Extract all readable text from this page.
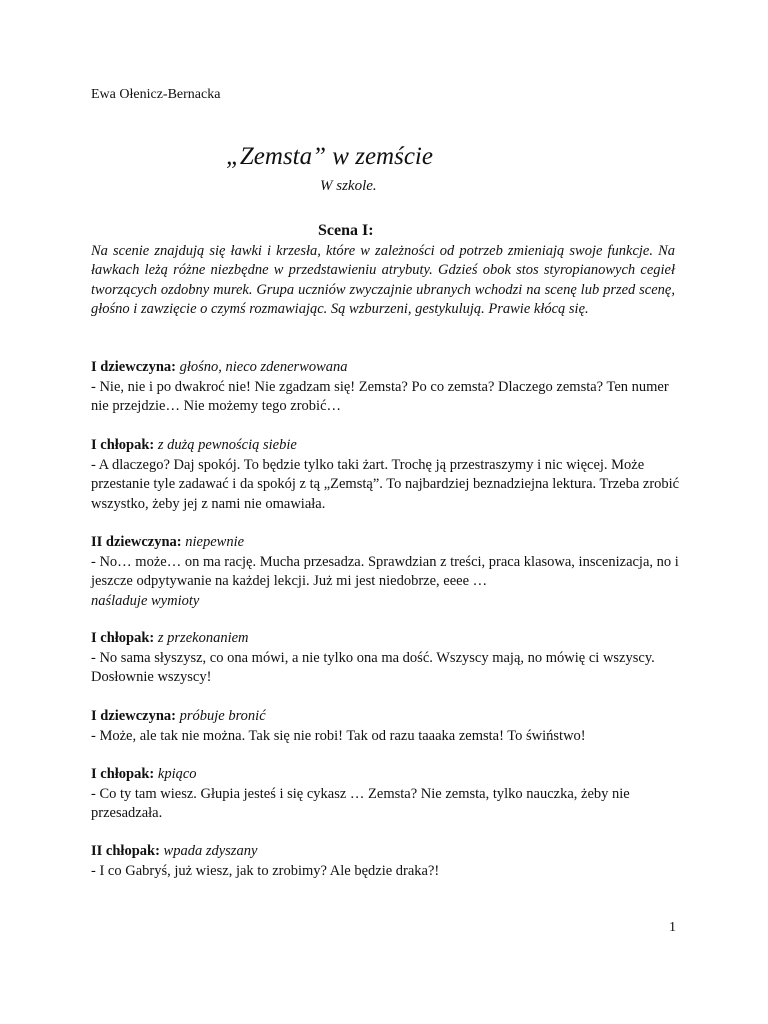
Ewa Ołenicz-Bernacka
„Zemsta” w zemście
W szkole.
Scena I:
Na scenie znajdują się ławki i krzesła, które w zależności od potrzeb zmieniają swoje funkcje. Na ławkach leżą różne niezbędne w przedstawieniu atrybuty. Gdzieś obok stos styropianowych cegieł tworzących ozdobny murek. Grupa uczniów zwyczajnie ubranych wchodzi na scenę lub przed scenę, głośno i zawzięcie o czymś rozmawiając. Są wzburzeni, gestykulują. Prawie kłócą się.
I dziewczyna: głośno, nieco zdenerwowana
- Nie, nie i po dwakroć nie! Nie zgadzam się! Zemsta? Po co zemsta? Dlaczego zemsta? Ten numer nie przejdzie… Nie możemy tego zrobić…
I chłopak: z dużą pewnością siebie
- A dlaczego? Daj spokój. To będzie tylko taki żart. Trochę ją przestraszymy i nic więcej. Może przestanie tyle zadawać i da spokój z tą „Zemstą”. To najbardziej beznadziejna lektura. Trzeba zrobić wszystko, żeby jej z nami nie omawiała.
II dziewczyna: niepewnie
- No… może… on ma rację. Mucha przesadza. Sprawdzian z treści, praca klasowa, inscenizacja, no i jeszcze odpytywanie na każdej lekcji. Już mi jest niedobrze, eeee …
naśladuje wymioty
I chłopak: z przekonaniem
- No sama słyszysz, co ona mówi, a nie tylko ona ma dość. Wszyscy mają, no mówię ci wszyscy. Dosłownie wszyscy!
I dziewczyna: próbuje bronić
- Może, ale tak nie można. Tak się nie robi! Tak od razu taaaka zemsta! To świństwo!
I chłopak: kpiąco
- Co ty tam wiesz. Głupia jesteś i się cykasz … Zemsta? Nie zemsta, tylko nauczka, żeby nie przesadzała.
II chłopak: wpada zdyszany
- I co Gabryś, już wiesz, jak to zrobimy? Ale będzie draka?!
1
